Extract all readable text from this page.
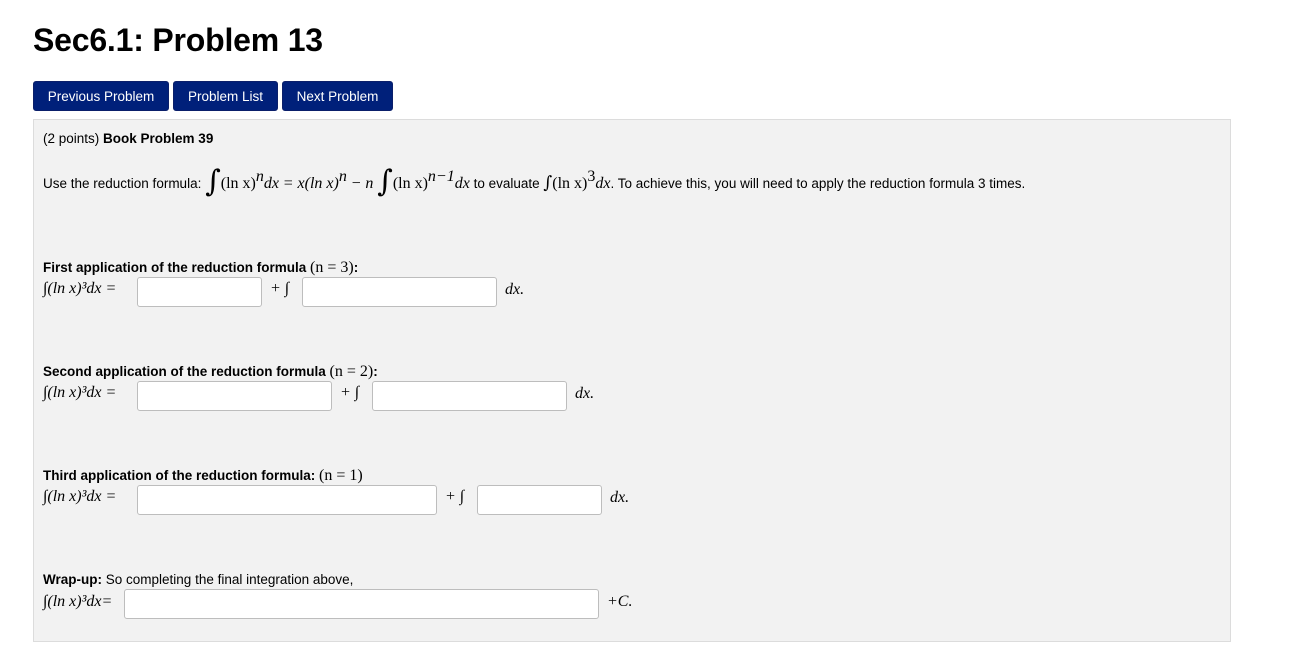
Sec6.1: Problem 13
Previous Problem	Problem List	Next Problem
(2 points) Book Problem 39
Use the reduction formula: ∫(ln x)$^n$dx = x(ln x)$^n$ − n ∫(ln x)$^{n-1}$dx to evaluate ∫(ln x)$^3$dx. To achieve this, you will need to apply the reduction formula 3 times.
First application of the reduction formula (n = 3):
∫(ln x)³dx =	+ ∫	dx.
Second application of the reduction formula (n = 2):
∫(ln x)³dx =	+ ∫	dx.
Third application of the reduction formula: (n = 1)
∫(ln x)³dx =	+ ∫	dx.
Wrap-up: So completing the final integration above,
∫(ln x)³dx=	+C.
